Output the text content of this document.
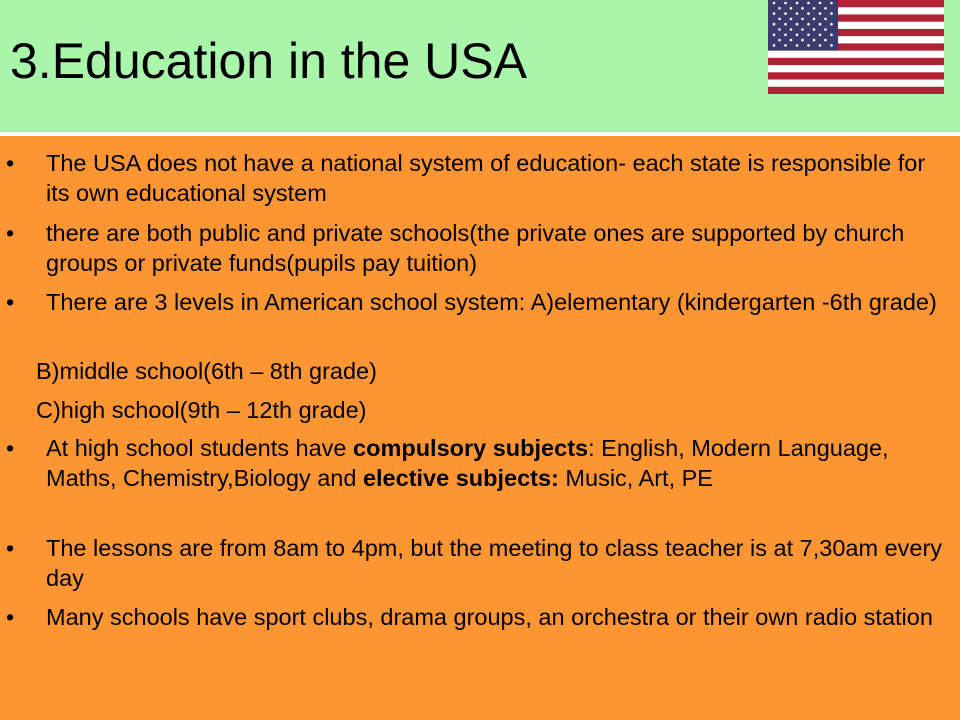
3.Education in the USA
•	The USA does not have a national system of education- each state is responsible for its own educational system
•	there are both public and private schools(the private ones are supported by church groups or private funds(pupils pay tuition)
•	There are 3 levels in American school system: A)elementary (kindergarten -6th grade)
B)middle school(6th – 8th grade)
C)high school(9th – 12th grade)
•	At high school students have compulsory subjects: English, Modern Language, Maths, Chemistry,Biology and elective subjects: Music, Art, PE
•	The lessons are from 8am to 4pm, but the meeting to class teacher is at 7,30am every day
•	Many schools have sport clubs, drama groups, an orchestra or their own radio station
